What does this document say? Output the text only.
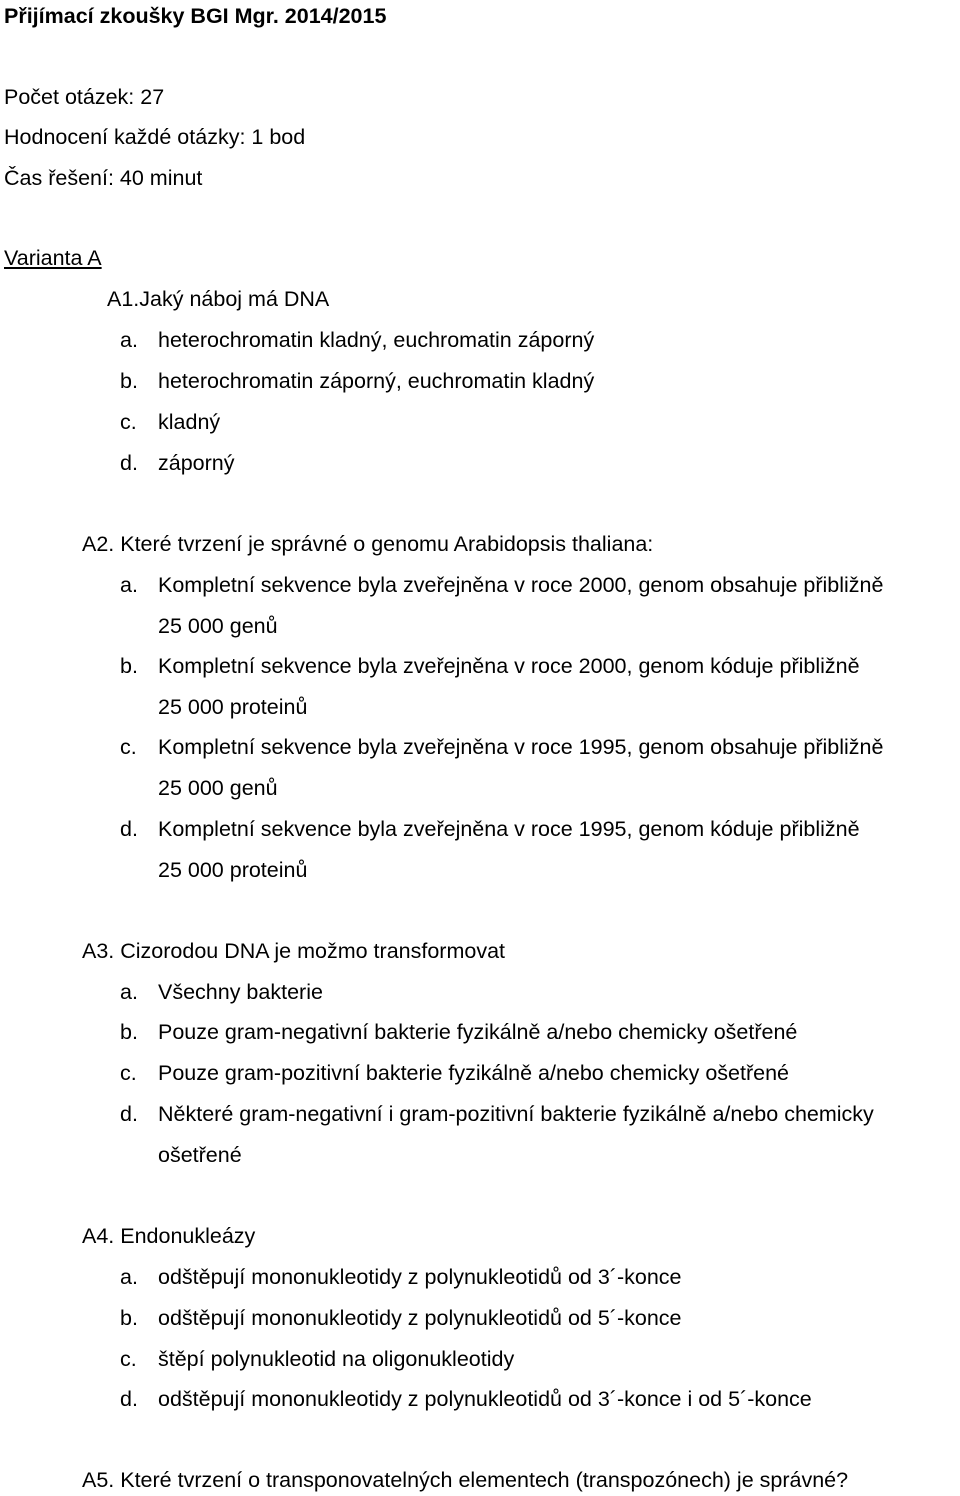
Přijímací zkoušky BGI Mgr. 2014/2015
Počet otázek: 27
Hodnocení každé otázky: 1 bod
Čas řešení: 40 minut
Varianta A
A1.Jaký náboj má DNA
a. heterochromatin kladný, euchromatin záporný
b. heterochromatin záporný, euchromatin kladný
c. kladný
d. záporný
A2. Které tvrzení je správné o genomu Arabidopsis thaliana:
a. Kompletní sekvence byla zveřejněna v roce 2000, genom obsahuje přibližně
25 000 genů
b. Kompletní sekvence byla zveřejněna v roce 2000, genom kóduje přibližně
25 000 proteinů
c. Kompletní sekvence byla zveřejněna v roce 1995, genom obsahuje přibližně
25 000 genů
d. Kompletní sekvence byla zveřejněna v roce 1995, genom kóduje přibližně
25 000 proteinů
A3. Cizorodou DNA je možmo transformovat
a. Všechny bakterie
b. Pouze gram-negativní bakterie fyzikálně a/nebo chemicky ošetřené
c. Pouze gram-pozitivní bakterie fyzikálně a/nebo chemicky ošetřené
d. Některé gram-negativní i gram-pozitivní bakterie fyzikálně a/nebo chemicky
ošetřené
A4. Endonukleázy
a. odštěpují mononukleotidy z polynukleotidů od 3´-konce
b. odštěpují mononukleotidy z polynukleotidů od 5´-konce
c. štěpí polynukleotid na oligonukleotidy
d. odštěpují mononukleotidy z polynukleotidů od 3´-konce i od 5´-konce
A5. Které tvrzení o transponovatelných elementech (transpozónech) je správné?
